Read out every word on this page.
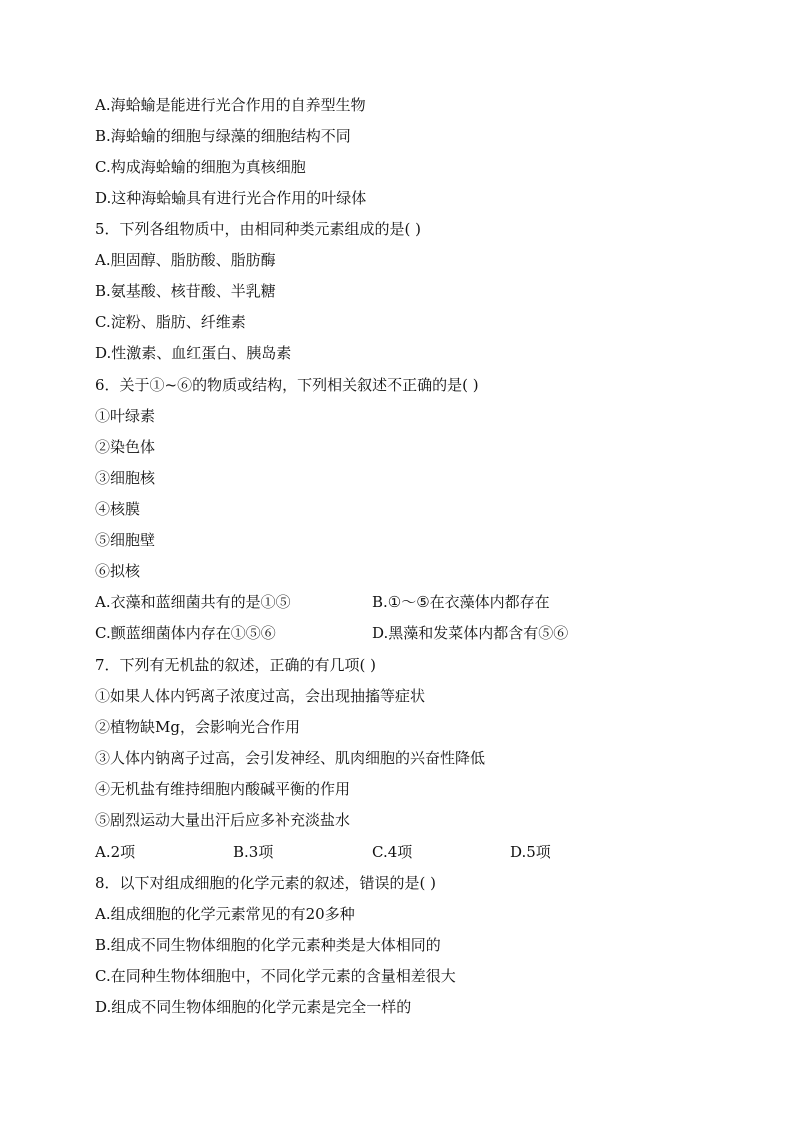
A.海蛤蝓是能进行光合作用的自养型生物
B.海蛤蝓的细胞与绿藻的细胞结构不同
C.构成海蛤蝓的细胞为真核细胞
D.这种海蛤蝓具有进行光合作用的叶绿体
5．下列各组物质中，由相同种类元素组成的是( )
A.胆固醇、脂肪酸、脂肪酶
B.氨基酸、核苷酸、半乳糖
C.淀粉、脂肪、纤维素
D.性激素、血红蛋白、胰岛素
6．关于①~⑥的物质或结构，下列相关叙述不正确的是( )
①叶绿素
②染色体
③细胞核
④核膜
⑤细胞壁
⑥拟核
A.衣藻和蓝细菌共有的是①⑤	B.①～⑤在衣藻体内都存在
C.颤蓝细菌体内存在①⑤⑥	D.黑藻和发菜体内都含有⑤⑥
7．下列有无机盐的叙述，正确的有几项( )
①如果人体内钙离子浓度过高，会出现抽搐等症状
②植物缺Mg，会影响光合作用
③人体内钠离子过高，会引发神经、肌肉细胞的兴奋性降低
④无机盐有维持细胞内酸碱平衡的作用
⑤剧烈运动大量出汗后应多补充淡盐水
A.2项	B.3项	C.4项	D.5项
8．以下对组成细胞的化学元素的叙述，错误的是( )
A.组成细胞的化学元素常见的有20多种
B.组成不同生物体细胞的化学元素种类是大体相同的
C.在同种生物体细胞中，不同化学元素的含量相差很大
D.组成不同生物体细胞的化学元素是完全一样的
